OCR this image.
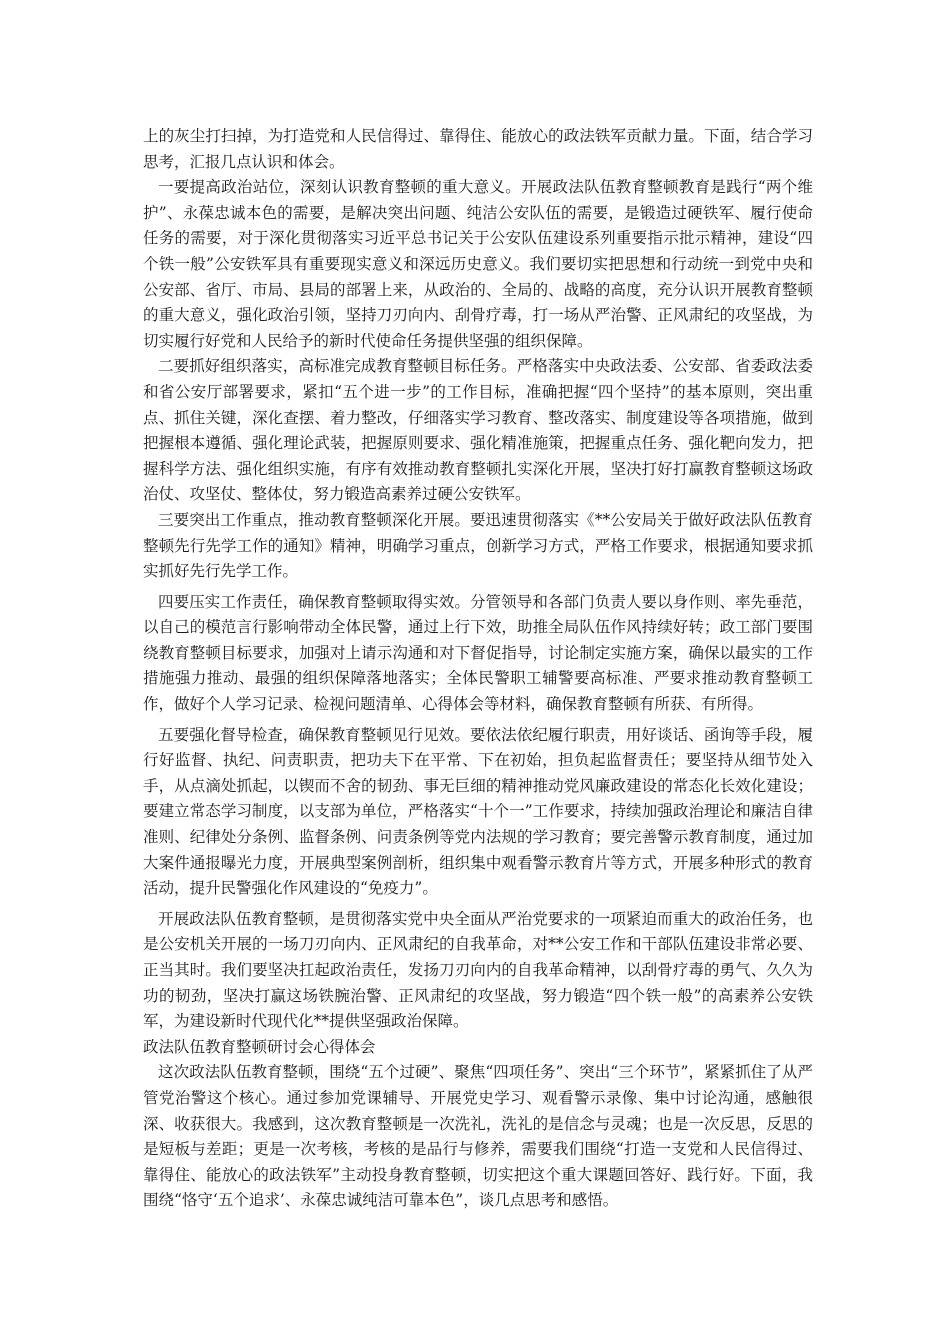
上的灰尘打扫掉，为打造党和人民信得过、靠得住、能放心的政法铁军贡献力量。下面，结合学习思考，汇报几点认识和体会。

一要提高政治站位，深刻认识教育整顿的重大意义。开展政法队伍教育整顿教育是践行“两个维护”、永葆忠诚本色的需要，是解决突出问题、纯洁公安队伍的需要，是锻造过硬铁军、履行使命任务的需要，对于深化贯彻落实习近平总书记关于公安队伍建设系列重要指示批示精神，建设“四个铁一般”公安铁军具有重要现实意义和深远历史意义。我们要切实把思想和行动统一到党中央和公安部、省厅、市局、县局的部署上来，从政治的、全局的、战略的高度，充分认识开展教育整顿的重大意义，强化政治引领，坚持刀刃向内、刮骨疗毒，打一场从严治警、正风肃纪的攻坚战，为切实履行好党和人民给予的新时代使命任务提供坚强的组织保障。

二要抓好组织落实，高标准完成教育整顿目标任务。严格落实中央政法委、公安部、省委政法委和省公安厅部署要求，紧扣“五个进一步”的工作目标，准确把握“四个坚持”的基本原则，突出重点、抓住关键，深化查摆、着力整改，仔细落实学习教育、整改落实、制度建设等各项措施，做到把握根本遵循、强化理论武装，把握原则要求、强化精准施策，把握重点任务、强化靶向发力，把握科学方法、强化组织实施，有序有效推动教育整顿扎实深化开展，坚决打好打赢教育整顿这场政治仗、攻坚仗、整体仗，努力锻造高素养过硬公安铁军。

三要突出工作重点，推动教育整顿深化开展。要迅速贯彻落实《**公安局关于做好政法队伍教育整顿先行先学工作的通知》精神，明确学习重点，创新学习方式，严格工作要求，根据通知要求抓实抓好先行先学工作。

四要压实工作责任，确保教育整顿取得实效。分管领导和各部门负责人要以身作则、率先垂范，以自己的模范言行影响带动全体民警，通过上行下效，助推全局队伍作风持续好转；政工部门要围绕教育整顿目标要求，加强对上请示沟通和对下督促指导，讨论制定实施方案，确保以最实的工作措施强力推动、最强的组织保障落地落实；全体民警职工辅警要高标准、严要求推动教育整顿工作，做好个人学习记录、检视问题清单、心得体会等材料，确保教育整顿有所获、有所得。

五要强化督导检查，确保教育整顿见行见效。要依法依纪履行职责，用好谈话、函询等手段，履行好监督、执纪、问责职责，把功夫下在平常、下在初始，担负起监督责任；要坚持从细节处入手，从点滴处抓起，以锲而不舍的韧劲、事无巨细的精神推动党风廉政建设的常态化长效化建设；要建立常态学习制度，以支部为单位，严格落实“十个一”工作要求，持续加强政治理论和廉洁自律准则、纪律处分条例、监督条例、问责条例等党内法规的学习教育；要完善警示教育制度，通过加大案件通报曝光力度，开展典型案例剖析，组织集中观看警示教育片等方式，开展多种形式的教育活动，提升民警强化作风建设的“免疫力”。

开展政法队伍教育整顿，是贯彻落实党中央全面从严治党要求的一项紧迫而重大的政治任务，也是公安机关开展的一场刀刃向内、正风肃纪的自我革命，对**公安工作和干部队伍建设非常必要、正当其时。我们要坚决扛起政治责任，发扬刀刃向内的自我革命精神，以刮骨疗毒的勇气、久久为功的韧劲，坚决打赢这场铁腕治警、正风肃纪的攻坚战，努力锻造“四个铁一般”的高素养公安铁军，为建设新时代现代化**提供坚强政治保障。

政法队伍教育整顿研讨会心得体会

这次政法队伍教育整顿，围绕“五个过硬”、聚焦“四项任务”、突出“三个环节”，紧紧抓住了从严管党治警这个核心。通过参加党课辅导、开展党史学习、观看警示录像、集中讨论沟通，感触很深、收获很大。我感到，这次教育整顿是一次洗礼，洗礼的是信念与灵魂；也是一次反思，反思的是短板与差距；更是一次考核，考核的是品行与修养，需要我们围绕“打造一支党和人民信得过、靠得住、能放心的政法铁军”主动投身教育整顿，切实把这个重大课题回答好、践行好。下面，我围绕“恪守‘五个追求’、永葆忠诚纯洁可靠本色”，谈几点思考和感悟。
